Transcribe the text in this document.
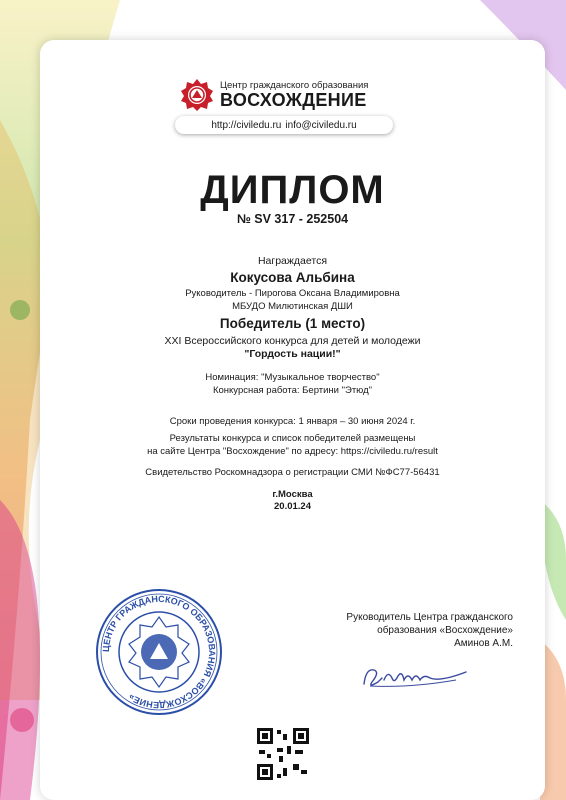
Центр гражданского образования
ВОСХОЖДЕНИЕ
http://civiledu.ru info@civiledu.ru
ДИПЛОМ
№ SV 317 - 252504
Награждается
Кокусова Альбина
Руководитель - Пирогова Оксана Владимировна
МБУДО Милютинская ДШИ
Победитель (1 место)
XXI Всероссийского конкурса для детей и молодежи
"Гордость нации!"
Номинация: "Музыкальное творчество"
Конкурсная работа: Бертини "Этюд"
Сроки проведения конкурса: 1 января – 30 июня 2024 г.
Результаты конкурса и список победителей размещены
на сайте Центра "Восхождение" по адресу: https://civiledu.ru/result
Свидетельство Роскомнадзора о регистрации СМИ №ФС77-56431
г.Москва
20.01.24
Руководитель Центра гражданского
образования «Восхождение»
Аминов А.М.
ЦЕНТР ГРАЖДАНСКОГО ОБРАЗОВАНИЯ «ВОСХОЖДЕНИЕ»
